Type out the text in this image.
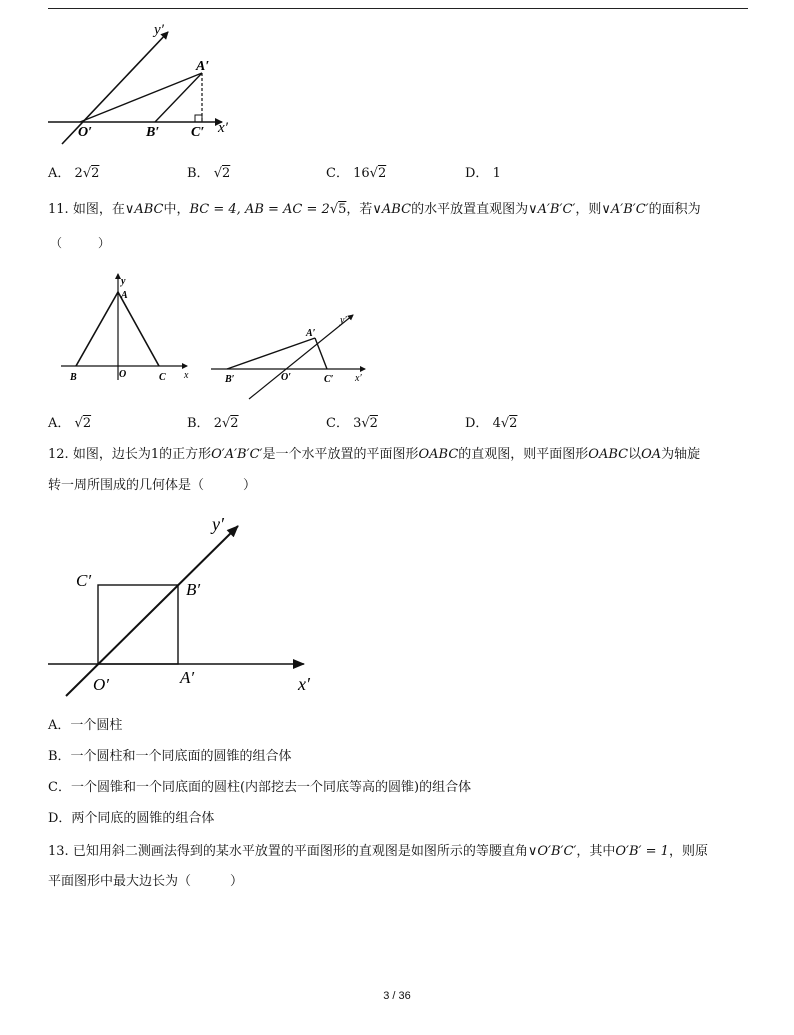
y′
A′
O′	B′ C′ x′
A． 2√2	B． √2	C． 16√2	D． 1
11. 如图，在∨ABC中，BC = 4, AB = AC = 2√5，若∨ABC的水平放置直观图为∨A′B′C′，则∨A′B′C′的面积为
（　　　）
y
A
B	O	C x
A′
y′
B′	O′	C′ x′
A． √2	B． 2√2	C． 3√2	D． 4√2
12. 如图，边长为1的正方形O′A′B′C′是一个水平放置的平面图形OABC的直观图，则平面图形OABC以OA为轴旋
转一周所围成的几何体是（　　　）
y′
C′	B′
O′	A′	x′
A．一个圆柱
B．一个圆柱和一个同底面的圆锥的组合体
C．一个圆锥和一个同底面的圆柱(内部挖去一个同底等高的圆锥)的组合体
D．两个同底的圆锥的组合体
13. 已知用斜二测画法得到的某水平放置的平面图形的直观图是如图所示的等腰直角∨O′B′C′，其中O′B′ = 1，则原
平面图形中最大边长为（　　　）
3 / 36
